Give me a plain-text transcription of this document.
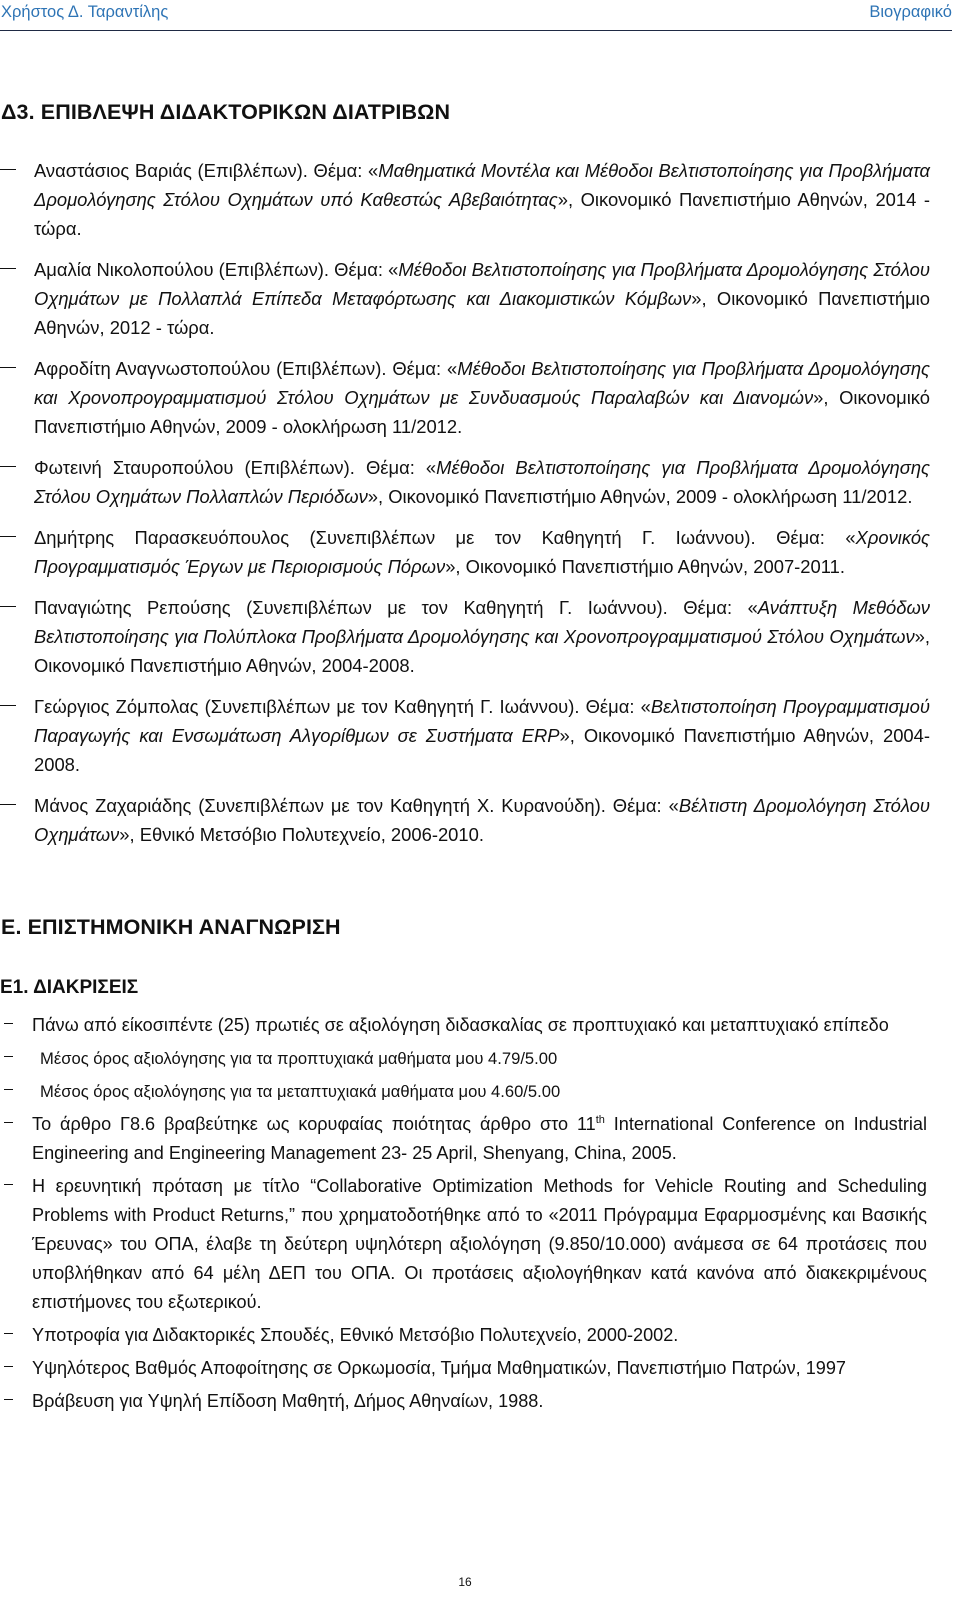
Χρήστος Δ. Ταραντίλης	Βιογραφικό
Δ3. ΕΠΙΒΛΕΨΗ ΔΙΔΑΚΤΟΡΙΚΩΝ ΔΙΑΤΡΙΒΩΝ

Αναστάσιος Βαριάς (Επιβλέπων). Θέμα: «Μαθηματικά Μοντέλα και Μέθοδοι Βελτιστοποίησης για Προβλήματα Δρομολόγησης Στόλου Οχημάτων υπό Καθεστώς Αβεβαιότητας», Οικονομικό Πανεπιστήμιο Αθηνών, 2014 - τώρα.

Αμαλία Νικολοπούλου (Επιβλέπων). Θέμα: «Μέθοδοι Βελτιστοποίησης για Προβλήματα Δρομολόγησης Στόλου Οχημάτων με Πολλαπλά Επίπεδα Μεταφόρτωσης και Διακομιστικών Κόμβων», Οικονομικό Πανεπιστήμιο Αθηνών, 2012 - τώρα.

Αφροδίτη Αναγνωστοπούλου (Επιβλέπων). Θέμα: «Μέθοδοι Βελτιστοποίησης για Προβλήματα Δρομολόγησης και Χρονοπρογραμματισμού Στόλου Οχημάτων με Συνδυασμούς Παραλαβών και Διανομών», Οικονομικό Πανεπιστήμιο Αθηνών, 2009 - ολοκλήρωση 11/2012.

Φωτεινή Σταυροπούλου (Επιβλέπων). Θέμα: «Μέθοδοι Βελτιστοποίησης για Προβλήματα Δρομολόγησης Στόλου Οχημάτων Πολλαπλών Περιόδων», Οικονομικό Πανεπιστήμιο Αθηνών, 2009 - ολοκλήρωση 11/2012.

Δημήτρης Παρασκευόπουλος (Συνεπιβλέπων με τον Καθηγητή Γ. Ιωάννου). Θέμα: «Χρονικός Προγραμματισμός Έργων με Περιορισμούς Πόρων», Οικονομικό Πανεπιστήμιο Αθηνών, 2007-2011.

Παναγιώτης Ρεπούσης (Συνεπιβλέπων με τον Καθηγητή Γ. Ιωάννου). Θέμα: «Ανάπτυξη Μεθόδων Βελτιστοποίησης για Πολύπλοκα Προβλήματα Δρομολόγησης και Χρονοπρογραμματισμού Στόλου Οχημάτων», Οικονομικό Πανεπιστήμιο Αθηνών, 2004-2008.

Γεώργιος Ζόμπολας (Συνεπιβλέπων με τον Καθηγητή Γ. Ιωάννου). Θέμα: «Βελτιστοποίηση Προγραμματισμού Παραγωγής και Ενσωμάτωση Αλγορίθμων σε Συστήματα ERP», Οικονομικό Πανεπιστήμιο Αθηνών, 2004-2008.

Μάνος Ζαχαριάδης (Συνεπιβλέπων με τον Καθηγητή Χ. Κυρανούδη). Θέμα: «Βέλτιστη Δρομολόγηση Στόλου Οχημάτων», Εθνικό Μετσόβιο Πολυτεχνείο, 2006-2010.

Ε. ΕΠΙΣΤΗΜΟΝΙΚΗ ΑΝΑΓΝΩΡΙΣΗ
Ε1. ΔΙΑΚΡΙΣΕΙΣ

Πάνω από είκοσιπέντε (25) πρωτιές σε αξιολόγηση διδασκαλίας σε προπτυχιακό και μεταπτυχιακό επίπεδο

Μέσος όρος αξιολόγησης για τα προπτυχιακά μαθήματα μου 4.79/5.00

Μέσος όρος αξιολόγησης για τα μεταπτυχιακά μαθήματα μου 4.60/5.00

Το άρθρο Γ8.6 βραβεύτηκε ως κορυφαίας ποιότητας άρθρο στο 11th International Conference on Industrial Engineering and Engineering Management 23- 25 April, Shenyang, China, 2005.

Η ερευνητική πρόταση με τίτλο “Collaborative Optimization Methods for Vehicle Routing and Scheduling Problems with Product Returns,” που χρηματοδοτήθηκε από το «2011 Πρόγραμμα Εφαρμοσμένης και Βασικής Έρευνας» του ΟΠΑ, έλαβε τη δεύτερη υψηλότερη αξιολόγηση (9.850/10.000) ανάμεσα σε 64 προτάσεις που υποβλήθηκαν από 64 μέλη ΔΕΠ του ΟΠΑ. Οι προτάσεις αξιολογήθηκαν κατά κανόνα από διακεκριμένους επιστήμονες του εξωτερικού.

Υποτροφία για Διδακτορικές Σπουδές, Εθνικό Μετσόβιο Πολυτεχνείο, 2000-2002.

Υψηλότερος Βαθμός Αποφοίτησης σε Ορκωμοσία, Τμήμα Μαθηματικών, Πανεπιστήμιο Πατρών, 1997

Βράβευση για Υψηλή Επίδοση Μαθητή, Δήμος Αθηναίων, 1988.

16
